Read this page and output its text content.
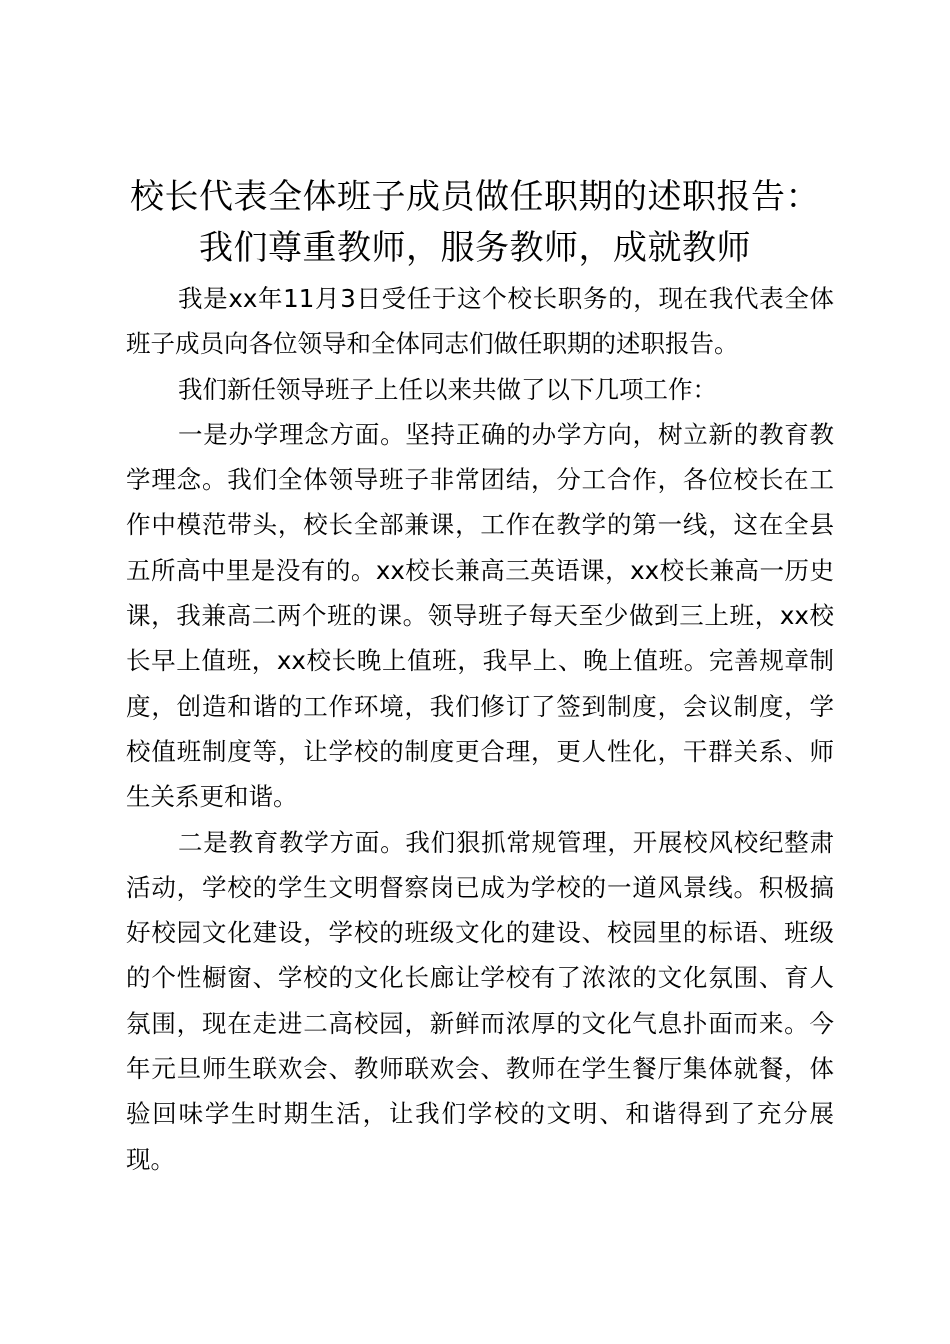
校长代表全体班子成员做任职期的述职报告：
我们尊重教师，服务教师，成就教师

我是xx年11月3日受任于这个校长职务的，现在我代表全体班子成员向各位领导和全体同志们做任职期的述职报告。

我们新任领导班子上任以来共做了以下几项工作：

一是办学理念方面。坚持正确的办学方向，树立新的教育教学理念。我们全体领导班子非常团结，分工合作，各位校长在工作中模范带头，校长全部兼课，工作在教学的第一线，这在全县五所高中里是没有的。xx校长兼高三英语课，xx校长兼高一历史课，我兼高二两个班的课。领导班子每天至少做到三上班，xx校长早上值班，xx校长晚上值班，我早上、晚上值班。完善规章制度，创造和谐的工作环境，我们修订了签到制度，会议制度，学校值班制度等，让学校的制度更合理，更人性化，干群关系、师生关系更和谐。

二是教育教学方面。我们狠抓常规管理，开展校风校纪整肃活动，学校的学生文明督察岗已成为学校的一道风景线。积极搞好校园文化建设，学校的班级文化的建设、校园里的标语、班级的个性橱窗、学校的文化长廊让学校有了浓浓的文化氛围、育人氛围，现在走进二高校园，新鲜而浓厚的文化气息扑面而来。今年元旦师生联欢会、教师联欢会、教师在学生餐厅集体就餐，体验回味学生时期生活，让我们学校的文明、和谐得到了充分展现。
